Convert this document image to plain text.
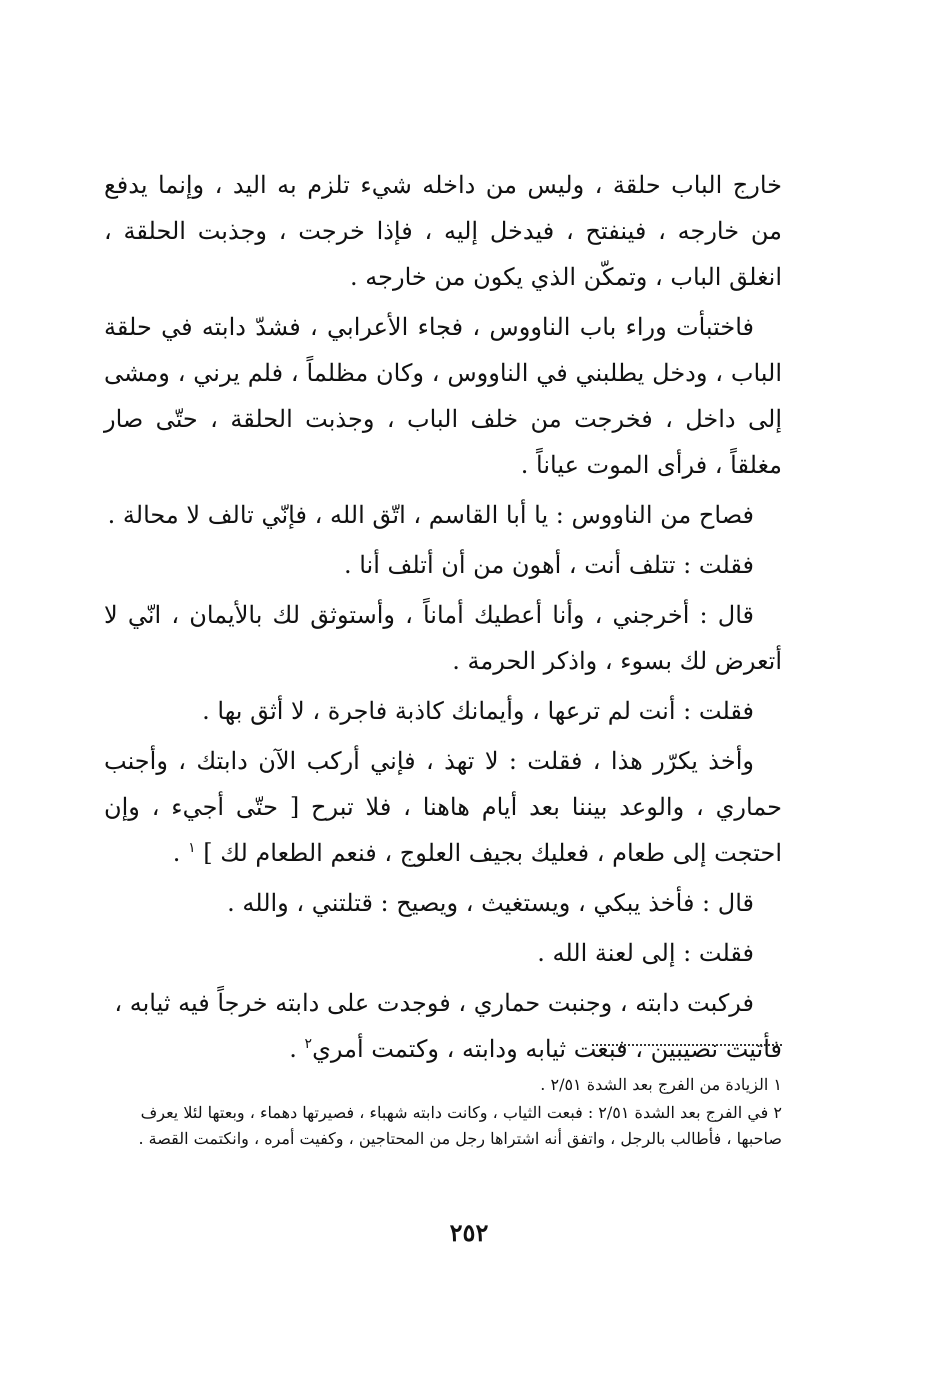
خارج الباب حلقة ، وليس من داخله شيء تلزم به اليد ، وإنما يدفع من خارجه ، فينفتح ، فيدخل إليه ، فإذا خرجت ، وجذبت الحلقة ، انغلق الباب ، وتمكّن الذي يكون من خارجه .

فاختبأت وراء باب الناووس ، فجاء الأعرابي ، فشدّ دابته في حلقة الباب ، ودخل يطلبني في الناووس ، وكان مظلماً ، فلم يرني ، ومشى إلى داخل ، فخرجت من خلف الباب ، وجذبت الحلقة ، حتّى صار مغلقاً ، فرأى الموت عياناً .

فصاح من الناووس : يا أبا القاسم ، اتّق الله ، فإنّي تالف لا محالة .

فقلت : تتلف أنت ، أهون من أن أتلف أنا .

قال : أخرجني ، وأنا أعطيك أماناً ، وأستوثق لك بالأيمان ، انّي لا أتعرض لك بسوء ، واذكر الحرمة .

فقلت : أنت لم ترعها ، وأيمانك كاذبة فاجرة ، لا أثق بها .

وأخذ يكرّر هذا ، فقلت : لا تهذ ، فإني أركب الآن دابتك ، وأجنب حماري ، والوعد بيننا بعد أيام هاهنا ، فلا تبرح [ حتّى أجيء ، وإن احتجت إلى طعام ، فعليك بجيف العلوج ، فنعم الطعام لك ] $^١$ .

قال : فأخذ يبكي ، ويستغيث ، ويصيح : قتلتني ، والله .

فقلت : إلى لعنة الله .

فركبت دابته ، وجنبت حماري ، فوجدت على دابته خرجاً فيه ثيابه ، فأتيت نصيبين ، فبعت ثيابه ودابته ، وكتمت أمري$^٢$ .

١ الزيادة من الفرج بعد الشدة ٢/٥١ .

٢ في الفرج بعد الشدة ٢/٥١ : فبعت الثياب ، وكانت دابته شهباء ، فصيرتها دهماء ، وبعتها لئلا يعرف صاحبها ، فأطالب بالرجل ، واتفق أنه اشتراها رجل من المحتاجين ، وكفيت أمره ، وانكتمت القصة .

٢٥٢
